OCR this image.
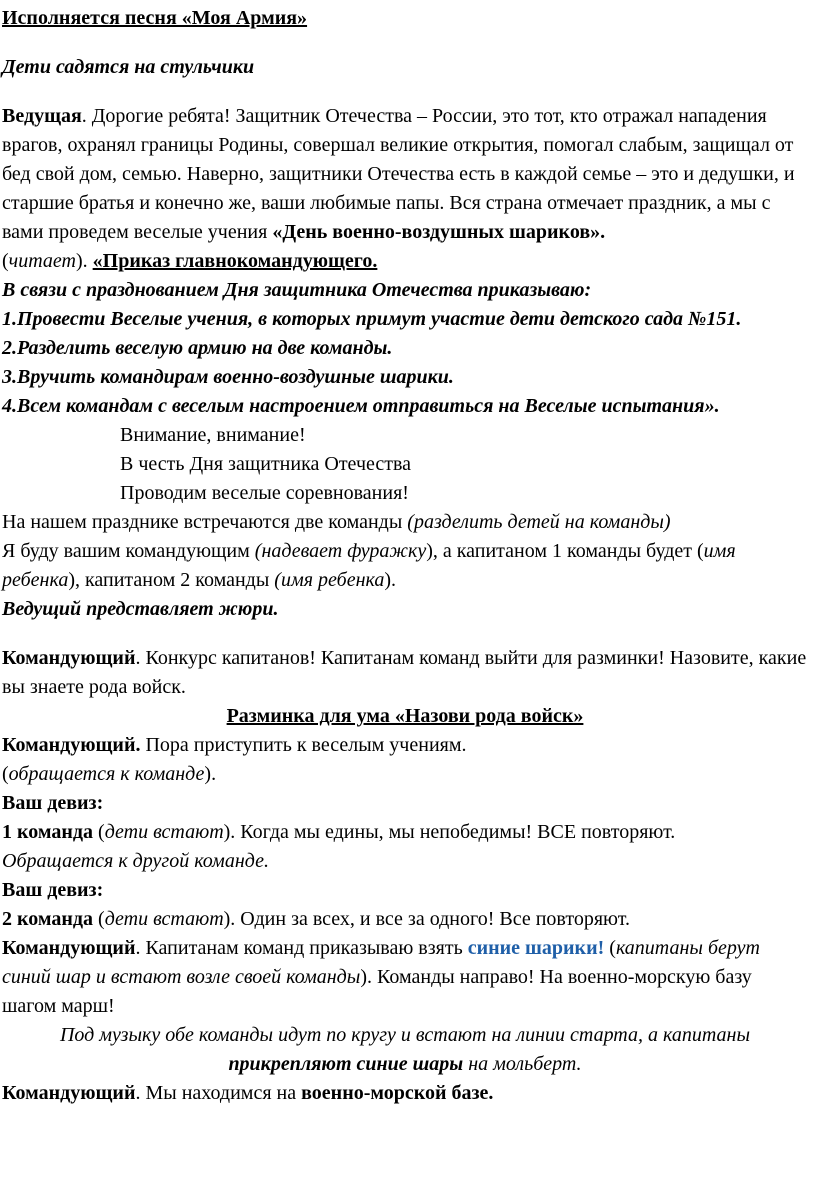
Исполняется песня «Моя Армия»

Дети садятся на стульчики

Ведущая. Дорогие ребята! Защитник Отечества – России, это тот, кто отражал нападения врагов, охранял границы Родины, совершал великие открытия, помогал слабым, защищал от бед свой дом, семью. Наверно, защитники Отечества есть в каждой семье – это и дедушки, и старшие братья и конечно же, ваши любимые папы. Вся страна отмечает праздник, а мы с вами проведем веселые учения «День военно-воздушных шариков».

(читает). «Приказ главнокомандующего.

В связи с празднованием Дня защитника Отечества приказываю:

1.Провести Веселые учения, в которых примут участие дети детского сада №151.

2.Разделить веселую армию на две команды.

3.Вручить командирам военно-воздушные шарики.

4.Всем командам с веселым настроением отправиться на Веселые испытания».

Внимание, внимание!

В честь Дня защитника Отечества

Проводим веселые соревнования!

На нашем празднике встречаются две команды (разделить детей на команды)

Я буду вашим командующим (надевает фуражку), а капитаном 1 команды будет (имя ребенка), капитаном 2 команды (имя ребенка).

Ведущий представляет жюри.

Командующий. Конкурс капитанов! Капитанам команд выйти для разминки! Назовите, какие вы знаете рода войск.

Разминка для ума «Назови рода войск»

Командующий. Пора приступить к веселым учениям.

(обращается к команде).

Ваш девиз:

1 команда (дети встают). Когда мы едины, мы непобедимы! ВСЕ повторяют.

Обращается к другой команде.

Ваш девиз:

2 команда (дети встают). Один за всех, и все за одного! Все повторяют.

Командующий. Капитанам команд приказываю взять синие шарики! (капитаны берут синий шар и встают возле своей команды). Команды направо! На военно-морскую базу шагом марш!

Под музыку обе команды идут по кругу и встают на линии старта, а капитаны прикрепляют синие шары на мольберт.

Командующий. Мы находимся на военно-морской базе.
